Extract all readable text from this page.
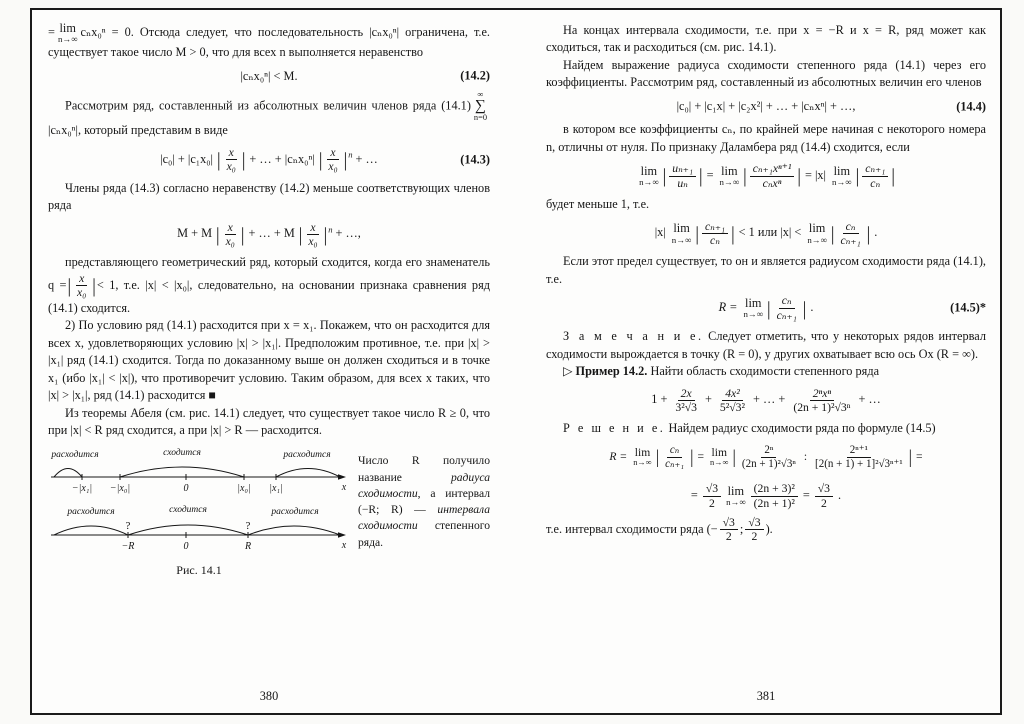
= lim
n→∞
cₙx₀ⁿ = 0. Отсюда следует, что последовательность |cₙx₀ⁿ| ограничена, т.е. существует такое число M > 0, что для всех n выполняется неравенство

|cₙx₀ⁿ| < M.	(14.2)

Рассмотрим ряд, составленный из абсолютных величин членов ряда (14.1)
∞
∑
n=0
|cₙx₀ⁿ|, который представим в виде

|c₀| + |c₁x₀| | $\frac{x}{\text{x₀}}$ | + … + |cₙx₀ⁿ| | $\frac{x}{\text{x₀}} |^n$ + …	(14.3)

Члены ряда (14.3) согласно неравенству (14.2) меньше соответствующих членов ряда

M + M | $\frac{x}{\text{x₀}}$ | + … + M | $\frac{x}{\text{x₀}} |^n$ + …,

представляющего геометрический ряд, который сходится, когда его знаменатель q =| $\frac{x}{\text{x₀}}$ |< 1, т.е. |x| < |x₀|, следовательно, на основании признака сравнения ряд (14.1) сходится.

2) По условию ряд (14.1) расходится при x = x₁. Покажем, что он расходится для всех x, удовлетворяющих условию |x| > |x₁|. Предположим противное, т.е. при |x| > |x₁| ряд (14.1) сходится. Тогда по доказанному выше он должен сходиться и в точке x₁ (ибо |x₁| < |x|), что противоречит условию. Таким образом, для всех x таких, что |x| > |x₁|, ряд (14.1) расходится ■

Из теоремы Абеля (см. рис. 14.1) следует, что существует такое число R ≥ 0, что при |x| < R ряд сходится, а при |x| > R — расходится.

расходится	сходится	расходится
−|x₁| −|x₀|	0	|x₀| |x₁|	x
расходится	сходится	расходится
?	?
−R	0	R	x
Рис. 14.1
Число R получило название радиуса сходимости, а интервал (−R; R) — интервала сходимости степенного ряда.
380

На концах интервала сходимости, т.е. при x = −R и x = R, ряд может как сходиться, так и расходиться (см. рис. 14.1).

Найдем выражение радиуса сходимости степенного ряда (14.1) через его коэффициенты. Рассмотрим ряд, составленный из абсолютных величин его членов

|c₀| + |c₁x| + |c₂x²| + … + |cₙxⁿ| + …,	(14.4)

в котором все коэффициенты cₙ, по крайней мере начиная с некоторого номера n, отличны от нуля. По признаку Даламбера ряд (14.4) сходится, если

lim
n→∞ | $\frac{\text{uₙ₊₁}}{\text{uₙ}}$ | = lim
n→∞ | cₙ₊₁xⁿ⁺¹
cₙxⁿ | = |x| lim
n→∞ | $\frac{\text{cₙ₊₁}}{\text{cₙ}}$ |

будет меньше 1, т.е.

|x| lim
n→∞ | $\frac{\text{cₙ₊₁}}{\text{cₙ}}$ | < 1 или |x| < lim
n→∞ | $\frac{\text{cₙ}}{\text{cₙ₊₁}}$ | .

Если этот предел существует, то он и является радиусом сходимости ряда (14.1), т.е.

R = lim
n→∞ | $\frac{\text{cₙ}}{\text{cₙ₊₁}}$ | .	(14.5)*

З а м е ч а н и е. Следует отметить, что у некоторых рядов интервал сходимости вырождается в точку (R = 0), у других охватывает всю ось Ox (R = ∞).

▷ Пример 14.2. Найти область сходимости степенного ряда

$1 + \frac{2x}{\text{3²√3}} + \frac{\text{4x²}}{\text{5²√3²}}$ + … + 2ⁿxⁿ
(2n + 1)²√3ⁿ
+ …

Р е ш е н и е. Найдем радиус сходимости ряда по формуле (14.5)

R = lim
n→∞ | $\frac{\text{cₙ}}{\text{cₙ₊₁}}$ | = lim
n→∞ | $\frac{\text{2ⁿ}}{\text{(2n + 1)²√3ⁿ}}$ : $\frac{\text{2ⁿ⁺¹}}{\text{[2(n + 1) + 1]²√3ⁿ⁺¹}}$ | =
= $\frac{√3}{2}$ lim
$n\to\infty \frac{\text{(2n + 3)²}}{\text{(2n + 1)²}} = \frac{√3}{2}$ .

т.е. интервал сходимости ряда (− $\frac{√3}{2}$ ; $\frac{√3}{2}$ ).

381
